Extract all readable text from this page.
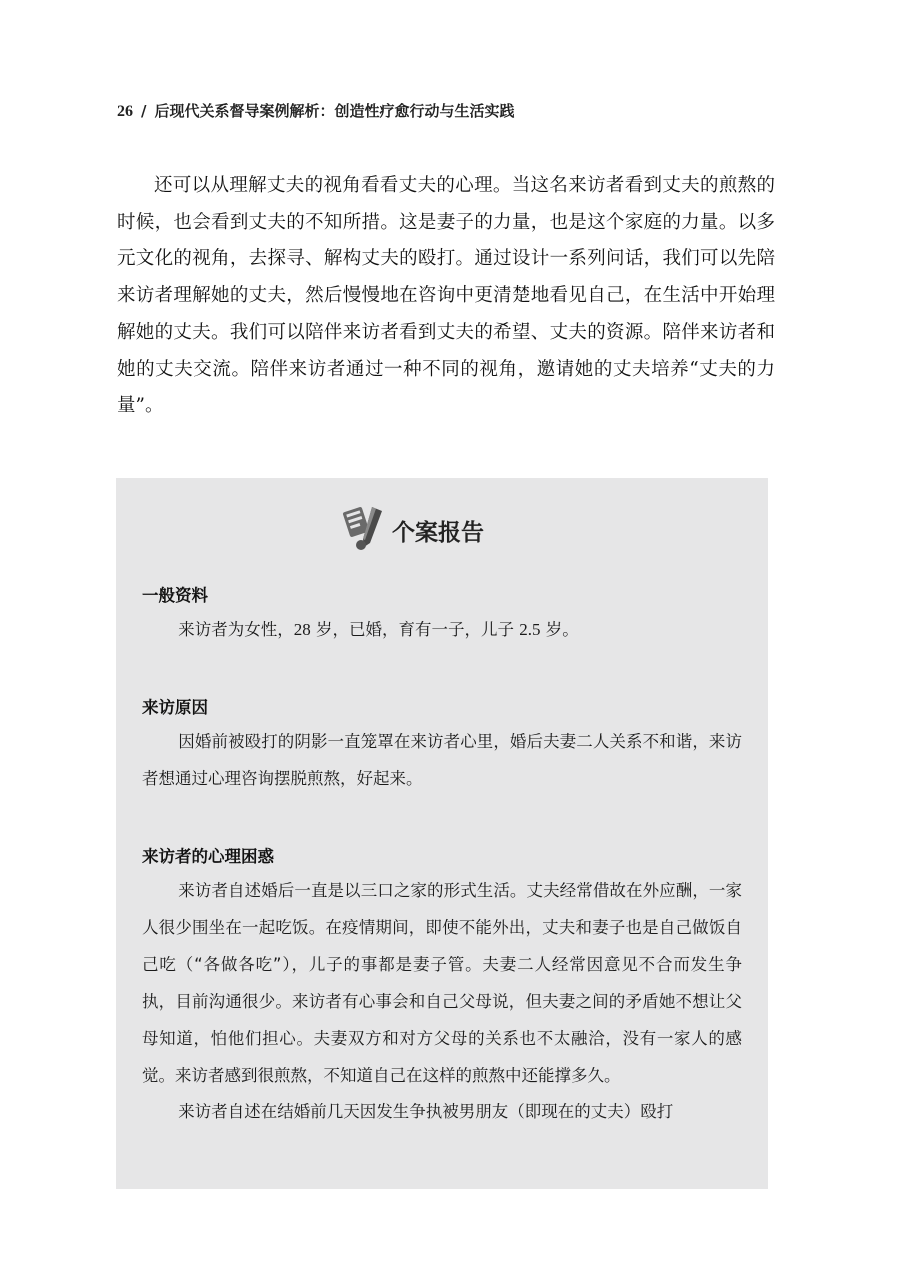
26 / 后现代关系督导案例解析：创造性疗愈行动与生活实践

还可以从理解丈夫的视角看看丈夫的心理。当这名来访者看到丈夫的煎熬的时候，也会看到丈夫的不知所措。这是妻子的力量，也是这个家庭的力量。以多元文化的视角，去探寻、解构丈夫的殴打。通过设计一系列问话，我们可以先陪来访者理解她的丈夫，然后慢慢地在咨询中更清楚地看见自己，在生活中开始理解她的丈夫。我们可以陪伴来访者看到丈夫的希望、丈夫的资源。陪伴来访者和她的丈夫交流。陪伴来访者通过一种不同的视角，邀请她的丈夫培养“丈夫的力量”。

个案报告
一般资料

来访者为女性，28 岁，已婚，育有一子，儿子 2.5 岁。

来访原因

因婚前被殴打的阴影一直笼罩在来访者心里，婚后夫妻二人关系不和谐，来访者想通过心理咨询摆脱煎熬，好起来。

来访者的心理困惑

来访者自述婚后一直是以三口之家的形式生活。丈夫经常借故在外应酬，一家人很少围坐在一起吃饭。在疫情期间，即使不能外出，丈夫和妻子也是自己做饭自己吃（“各做各吃”），儿子的事都是妻子管。夫妻二人经常因意见不合而发生争执，目前沟通很少。来访者有心事会和自己父母说，但夫妻之间的矛盾她不想让父母知道，怕他们担心。夫妻双方和对方父母的关系也不太融洽，没有一家人的感觉。来访者感到很煎熬，不知道自己在这样的煎熬中还能撑多久。

来访者自述在结婚前几天因发生争执被男朋友（即现在的丈夫）殴打
